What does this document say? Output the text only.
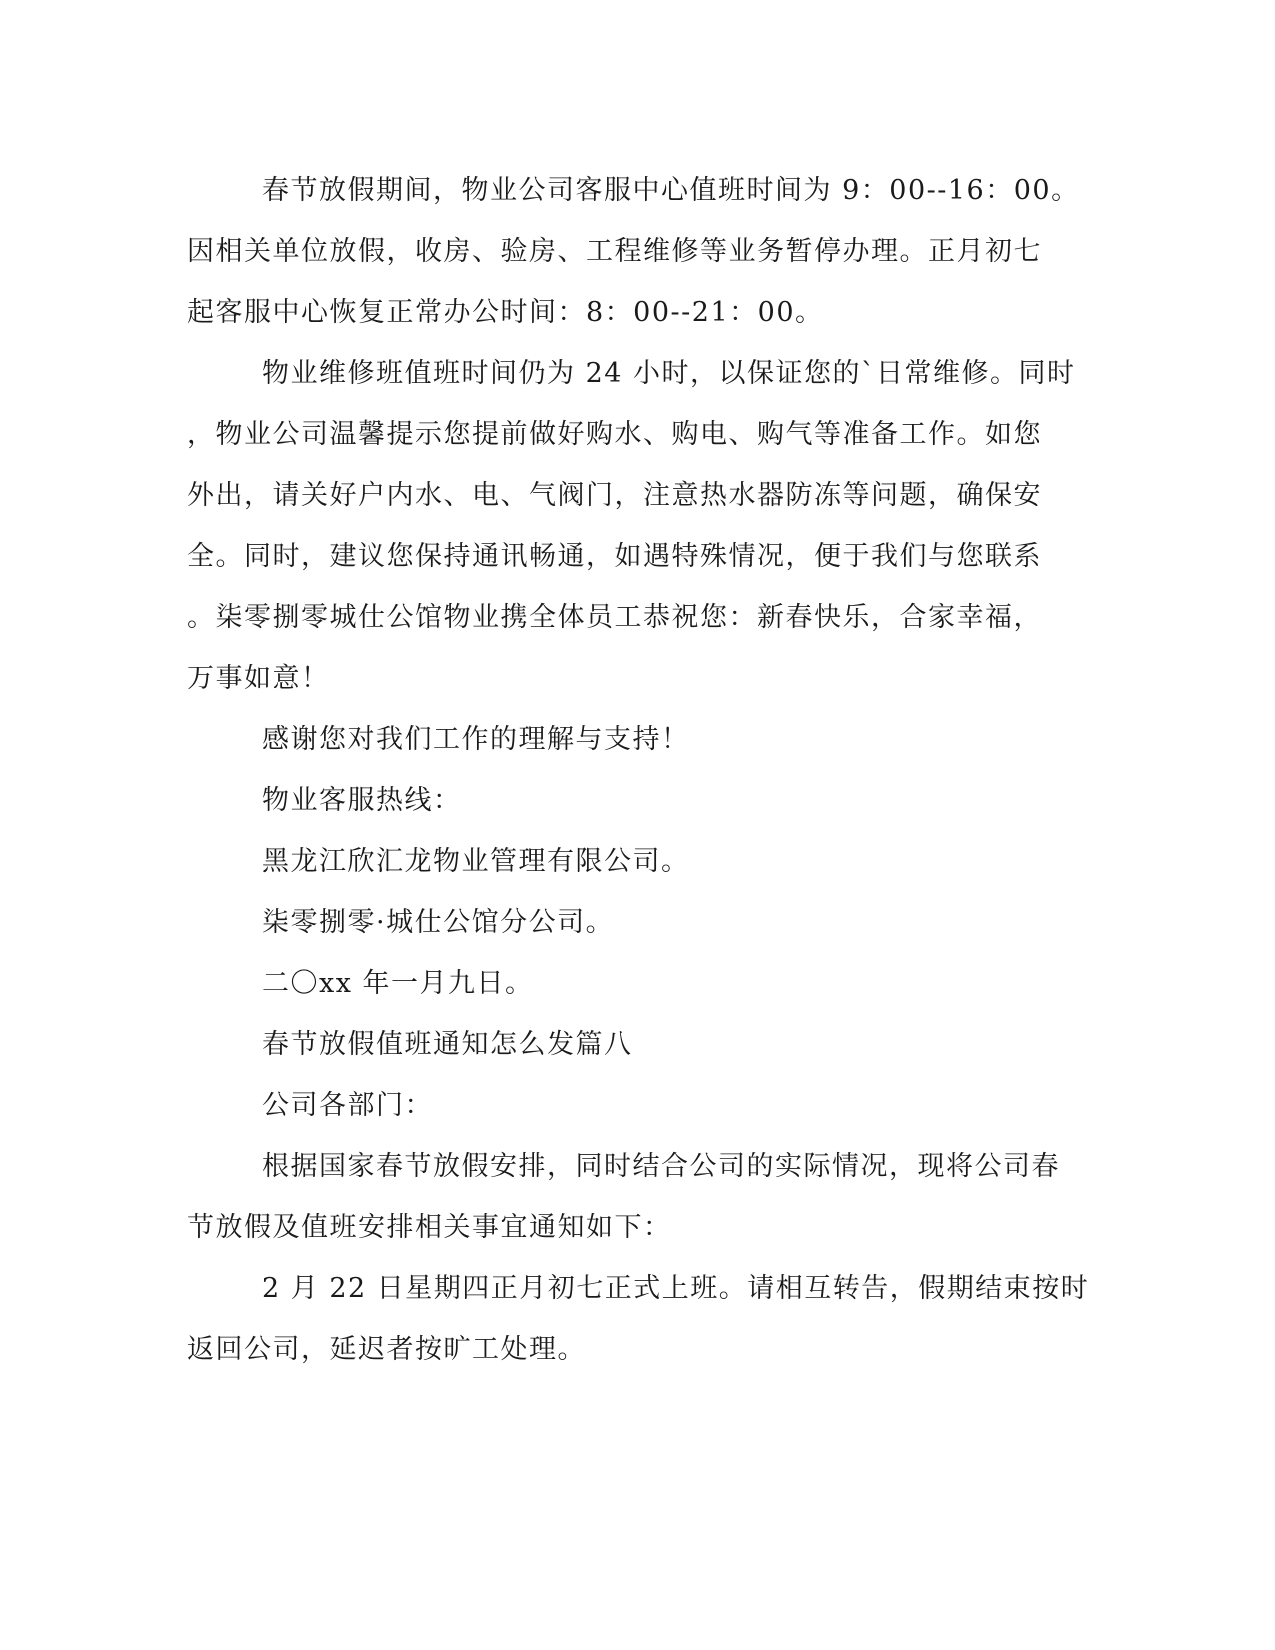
春节放假期间，物业公司客服中心值班时间为 9：00--16：00。
因相关单位放假，收房、验房、工程维修等业务暂停办理。正月初七
起客服中心恢复正常办公时间：8：00--21：00。
物业维修班值班时间仍为 24 小时，以保证您的`日常维修。同时
，物业公司温馨提示您提前做好购水、购电、购气等准备工作。如您
外出，请关好户内水、电、气阀门，注意热水器防冻等问题，确保安
全。同时，建议您保持通讯畅通，如遇特殊情况，便于我们与您联系
。柒零捌零城仕公馆物业携全体员工恭祝您：新春快乐，合家幸福，
万事如意！
感谢您对我们工作的理解与支持！
物业客服热线：
黑龙江欣汇龙物业管理有限公司。
柒零捌零·城仕公馆分公司。
二〇xx 年一月九日。
春节放假值班通知怎么发篇八
公司各部门：
根据国家春节放假安排，同时结合公司的实际情况，现将公司春
节放假及值班安排相关事宜通知如下：
2 月 22 日星期四正月初七正式上班。请相互转告，假期结束按时
返回公司，延迟者按旷工处理。
